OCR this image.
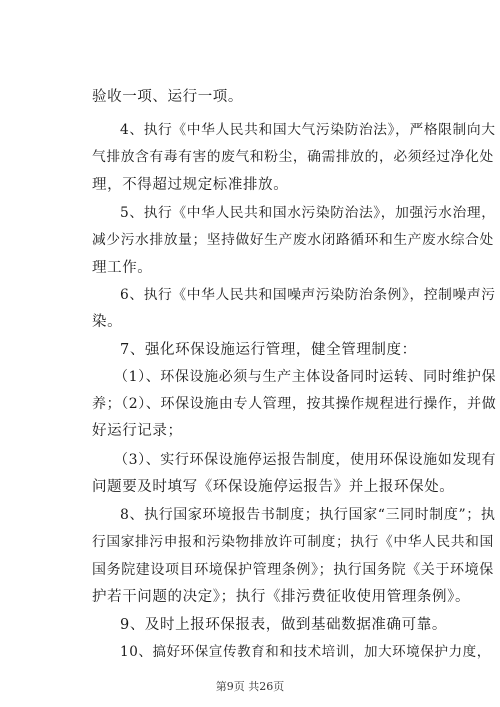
验收一项、运行一项。
4、执行《中华人民共和国大气污染防治法》，严格限制向大
气排放含有毒有害的废气和粉尘，确需排放的，必须经过净化处
理，不得超过规定标准排放。
5、执行《中华人民共和国水污染防治法》，加强污水治理，
减少污水排放量；坚持做好生产废水闭路循环和生产废水综合处
理工作。
6、执行《中华人民共和国噪声污染防治条例》，控制噪声污
染。
7、强化环保设施运行管理，健全管理制度：
（1）、环保设施必须与生产主体设备同时运转、同时维护保
养；（2）、环保设施由专人管理，按其操作规程进行操作，并做
好运行记录；
（3）、实行环保设施停运报告制度，使用环保设施如发现有
问题要及时填写《环保设施停运报告》并上报环保处。
8、执行国家环境报告书制度；执行国家“三同时制度”；执
行国家排污申报和污染物排放许可制度；执行《中华人民共和国
国务院建设项目环境保护管理条例》；执行国务院《关于环境保
护若干问题的决定》；执行《排污费征收使用管理条例》。
9、及时上报环保报表，做到基础数据准确可靠。
10、搞好环保宣传教育和和技术培训，加大环境保护力度，
第9页 共26页
